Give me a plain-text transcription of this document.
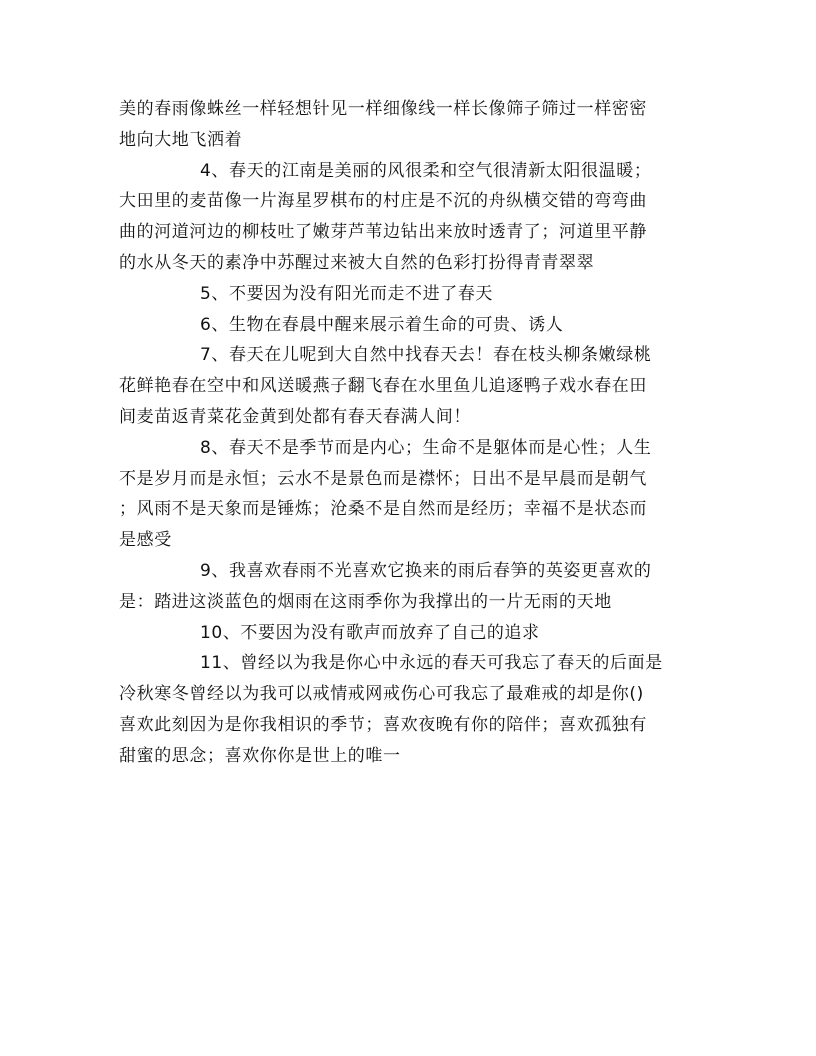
美的春雨像蛛丝一样轻想针见一样细像线一样长像筛子筛过一样密密
地向大地飞洒着
4、春天的江南是美丽的风很柔和空气很清新太阳很温暖；
大田里的麦苗像一片海星罗棋布的村庄是不沉的舟纵横交错的弯弯曲
曲的河道河边的柳枝吐了嫩芽芦苇边钻出来放时透青了；河道里平静
的水从冬天的素净中苏醒过来被大自然的色彩打扮得青青翠翠
5、不要因为没有阳光而走不进了春天
6、生物在春晨中醒来展示着生命的可贵、诱人
7、春天在儿呢到大自然中找春天去！春在枝头柳条嫩绿桃
花鲜艳春在空中和风送暖燕子翻飞春在水里鱼儿追逐鸭子戏水春在田
间麦苗返青菜花金黄到处都有春天春满人间！
8、春天不是季节而是内心；生命不是躯体而是心性；人生
不是岁月而是永恒；云水不是景色而是襟怀；日出不是早晨而是朝气
；风雨不是天象而是锤炼；沧桑不是自然而是经历；幸福不是状态而
是感受
9、我喜欢春雨不光喜欢它换来的雨后春笋的英姿更喜欢的
是：踏进这淡蓝色的烟雨在这雨季你为我撑出的一片无雨的天地
10、不要因为没有歌声而放弃了自己的追求
11、曾经以为我是你心中永远的春天可我忘了春天的后面是
冷秋寒冬曾经以为我可以戒情戒网戒伤心可我忘了最难戒的却是你()
喜欢此刻因为是你我相识的季节；喜欢夜晚有你的陪伴；喜欢孤独有
甜蜜的思念；喜欢你你是世上的唯一
